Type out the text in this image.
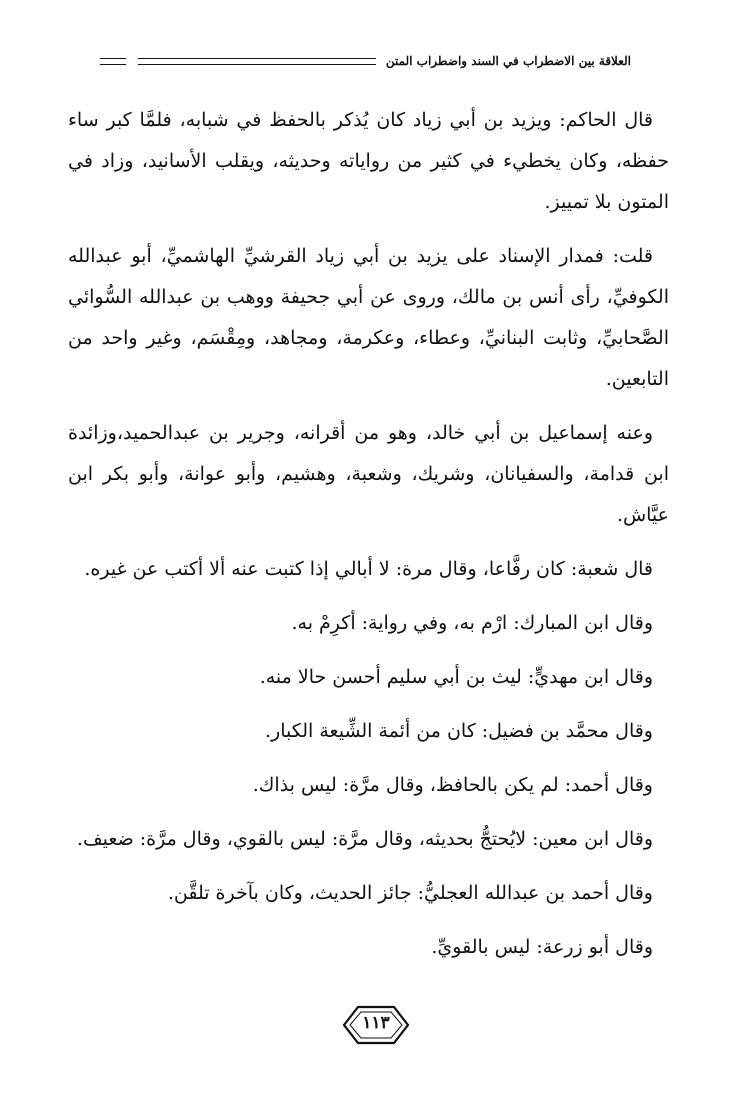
العلاقة بين الاضطراب في السند واضطراب المتن

قال الحاكم: ويزيد بن أبي زياد كان يُذكر بالحفظ في شبابه، فلمَّا كبر ساء حفظه، وكان يخطيء في كثير من رواياته وحديثه، ويقلب الأسانيد، وزاد في المتون بلا تمييز.

قلت: فمدار الإسناد على يزيد بن أبي زياد القرشيِّ الهاشميِّ، أبو عبدالله الكوفيِّ، رأى أنس بن مالك، وروى عن أبي جحيفة ووهب بن عبدالله السُّوائي الصَّحابيِّ، وثابت البنانيِّ، وعطاء، وعكرمة، ومجاهد، ومِقْسَم، وغير واحد من التابعين.

وعنه إسماعيل بن أبي خالد، وهو من أقرانه، وجرير بن عبدالحميد،وزائدة ابن قدامة، والسفيانان، وشريك، وشعبة، وهشيم، وأبو عوانة، وأبو بكر ابن عيَّاش.

قال شعبة: كان رفَّاعا، وقال مرة: لا أبالي إذا كتبت عنه ألا أكتب عن غيره.

وقال ابن المبارك: ارْم به، وفي رواية: أكرِمْ به.

وقال ابن مهديٍّ: ليث بن أبي سليم أحسن حالا منه.

وقال محمَّد بن فضيل: كان من أئمة الشِّيعة الكبار.

وقال أحمد: لم يكن بالحافظ، وقال مرَّة: ليس بذاك.

وقال ابن معين: لايُحتجُّ بحديثه، وقال مرَّة: ليس بالقوي، وقال مرَّة: ضعيف.

وقال أحمد بن عبدالله العجليُّ: جائز الحديث، وكان بآخرة تلقَّن.

وقال أبو زرعة: ليس بالقويِّ.

١١٣
